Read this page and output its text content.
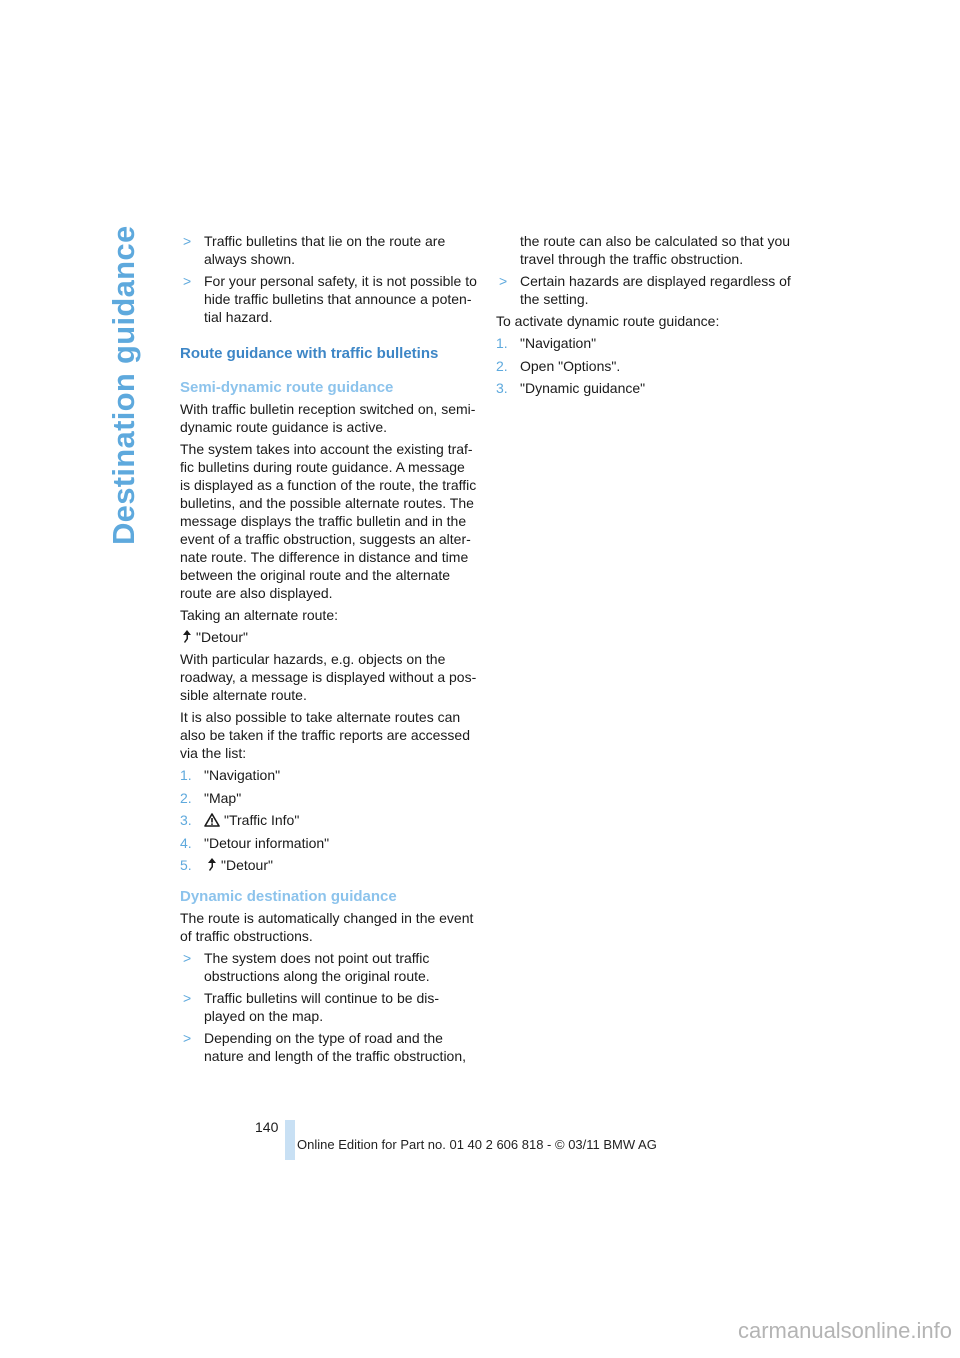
Destination guidance	> Traffic bulletins that lie on the route are always shown.
> For your personal safety, it is not possible to hide traffic bulletins that announce a poten-tial hazard.
Route guidance with traffic bulletins
Semi-dynamic route guidance

With traffic bulletin reception switched on, semi-dynamic route guidance is active.

The system takes into account the existing traf-fic bulletins during route guidance. A message is displayed as a function of the route, the traffic bulletins, and the possible alternate routes. The message displays the traffic bulletin and in the event of a traffic obstruction, suggests an alter-nate route. The difference in distance and time between the original route and the alternate route are also displayed.

Taking an alternate route:

"Detour"

With particular hazards, e.g. objects on the roadway, a message is displayed without a pos-sible alternate route.

It is also possible to take alternate routes can also be taken if the traffic reports are accessed via the list:

1. "Navigation"
2. "Map"
3. "Traffic Info"
4. "Detour information"
5. "Detour"
Dynamic destination guidance

The route is automatically changed in the event of traffic obstructions.

> The system does not point out traffic obstructions along the original route.
> Traffic bulletins will continue to be dis-played on the map.
> Depending on the type of road and the nature and length of the traffic obstruction,
the route can also be calculated so that you travel through the traffic obstruction.
> Certain hazards are displayed regardless of the setting.

To activate dynamic route guidance:

1. "Navigation"
2. Open "Options".
3. "Dynamic guidance"
140
Online Edition for Part no. 01 40 2 606 818 - © 03/11 BMW AG
carmanualsonline.info
